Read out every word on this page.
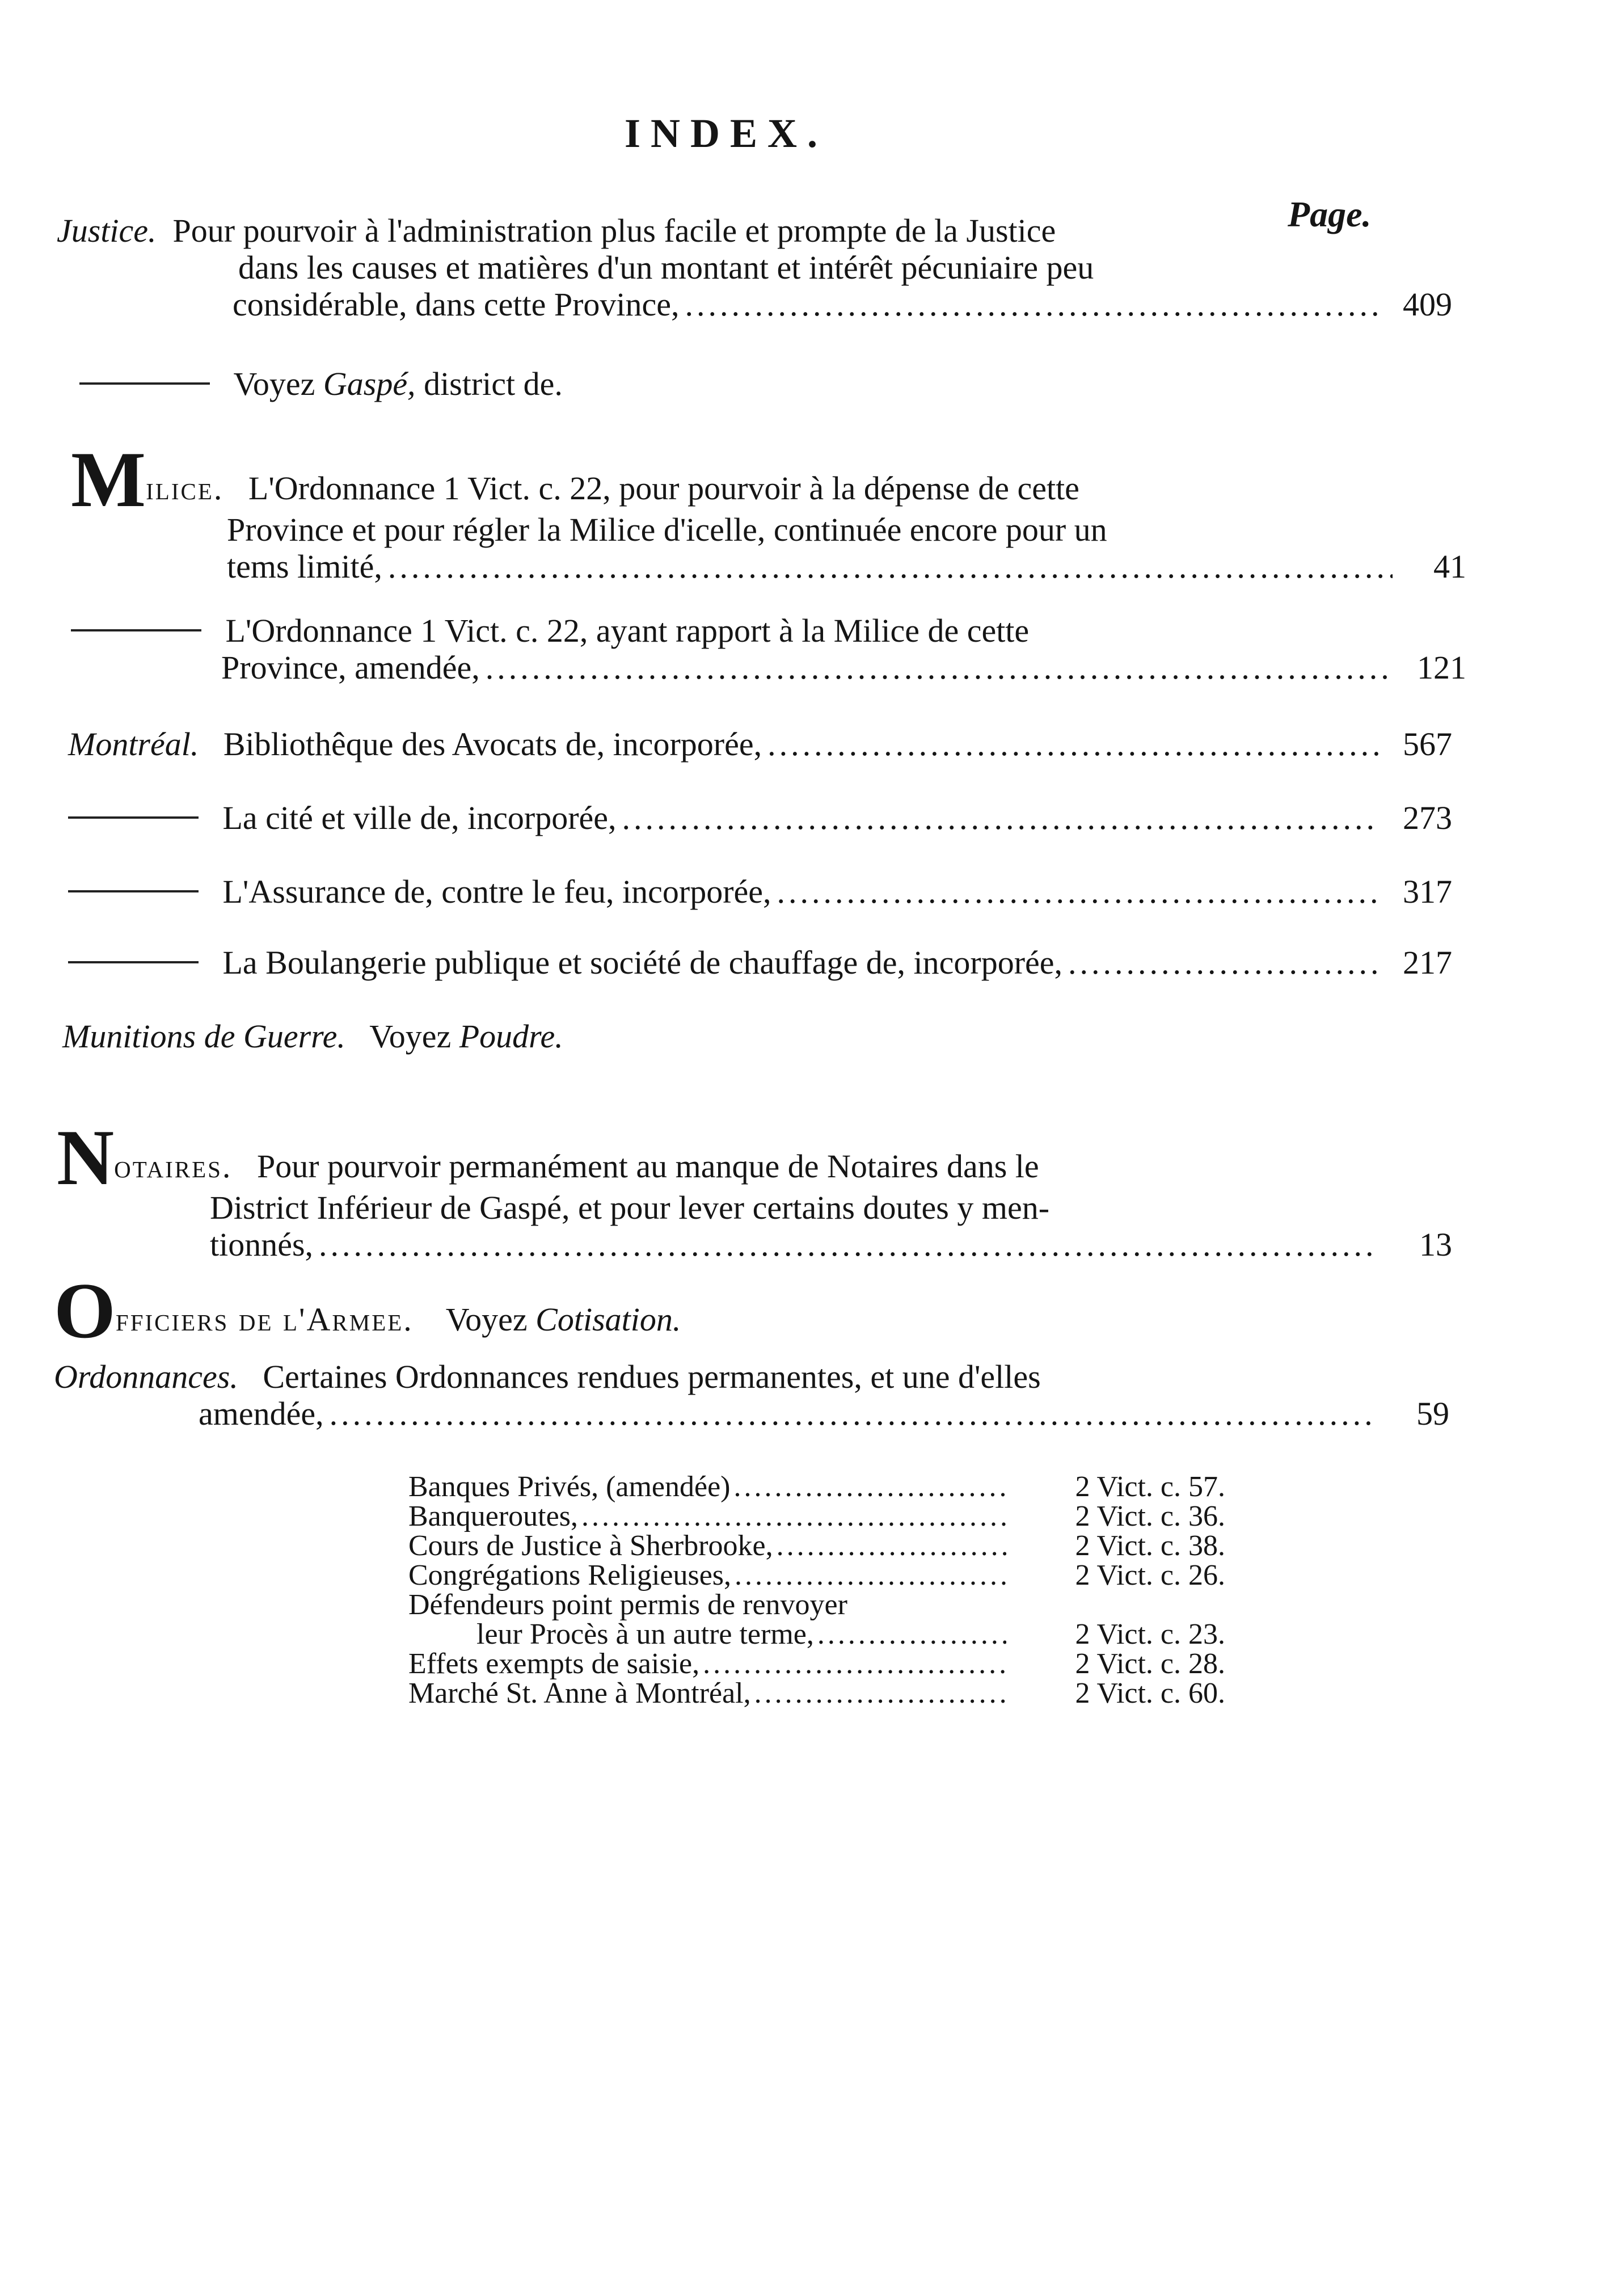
INDEX.
Page.
Justice. Pour pourvoir à l'administration plus facile et prompte de la Justice
dans les causes et matières d'un montant et intérêt pécuniaire peu
considérable, dans cette Province, .....	409
Voyez Gaspé, district de.
Milice. L'Ordonnance 1 Vict. c. 22, pour pourvoir à la dépense de cette
Province et pour régler la Milice d'icelle, continuée encore pour un
tems limité, .....	41
L'Ordonnance 1 Vict. c. 22, ayant rapport à la Milice de cette
Province, amendée, .....	121
Montréal. Bibliothêque des Avocats de, incorporée, .....	567
La cité et ville de, incorporée, .....	273
L'Assurance de, contre le feu, incorporée, .....	317
La Boulangerie publique et société de chauffage de, incorporée, .....	217
Munitions de Guerre. Voyez Poudre.
Notaires. Pour pourvoir permanément au manque de Notaires dans le
District Inférieur de Gaspé, et pour lever certains doutes y men-
tionnés, .....	13
Officiers de l'Armee. Voyez Cotisation.
Ordonnances. Certaines Ordonnances rendues permanentes, et une d'elles
amendée, .....	59
Banques Privés, (amendée) .....	2 Vict. c. 57.
Banqueroutes, .....	2 Vict. c. 36.
Cours de Justice à Sherbrooke, .....	2 Vict. c. 38.
Congrégations Religieuses, .....	2 Vict. c. 26.
Défendeurs point permis de renvoyer
leur Procès à un autre terme, .....	2 Vict. c. 23.
Effets exempts de saisie, .....	2 Vict. c. 28.
Marché St. Anne à Montréal, .....	2 Vict. c. 60.
